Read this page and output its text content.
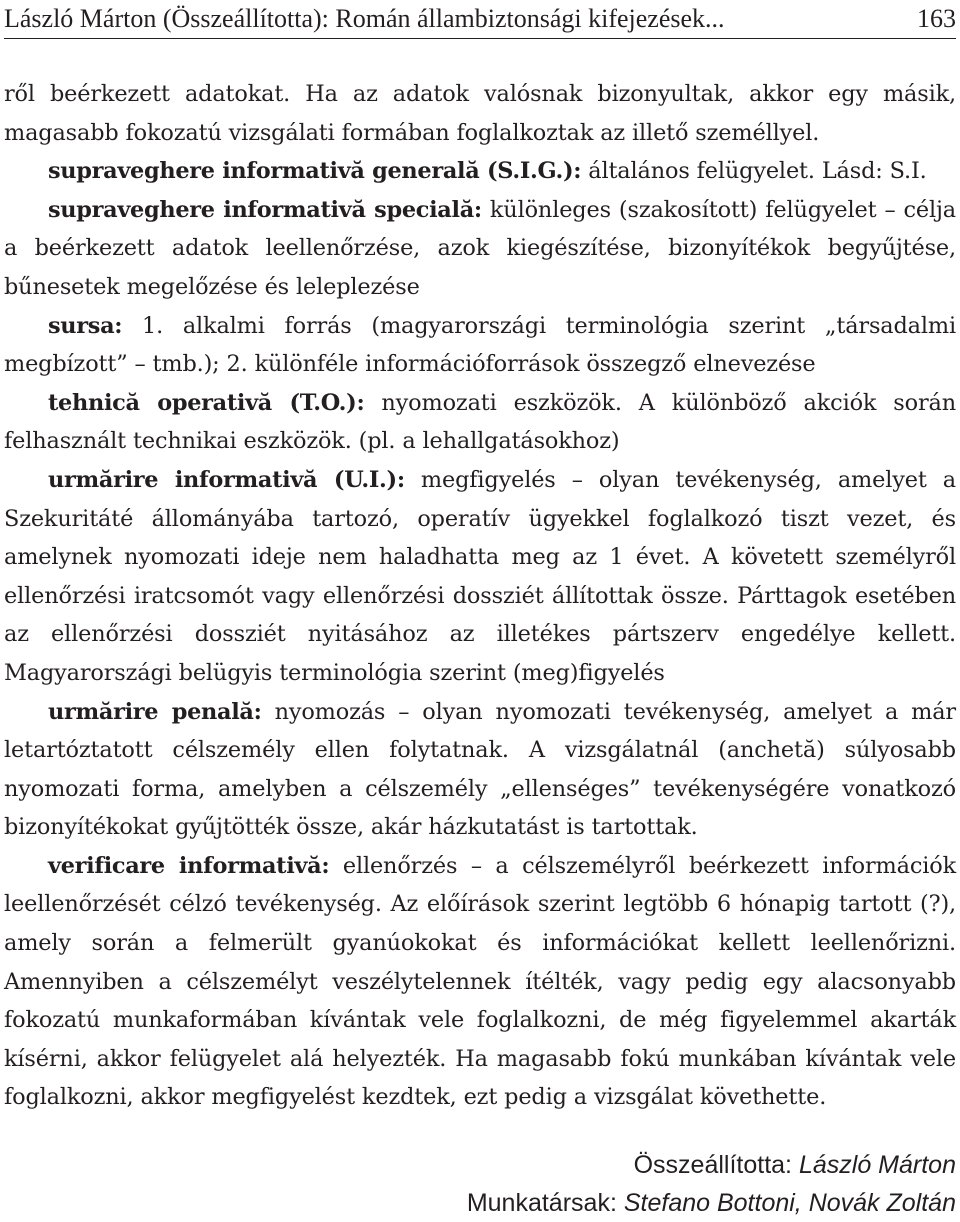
László Márton (Összeállította): Román állambiztonsági kifejezések...	163

ről beérkezett adatokat. Ha az adatok valósnak bizonyultak, akkor egy másik, magasabb fokozatú vizsgálati formában foglalkoztak az illető személlyel.

supraveghere informativă generală (S.I.G.): általános felügyelet. Lásd: S.I.

supraveghere informativă specială: különleges (szakosított) felügyelet – célja a beérkezett adatok leellenőrzése, azok kiegészítése, bizonyítékok begyűjtése, bűnesetek megelőzése és leleplezése

sursa: 1. alkalmi forrás (magyarországi terminológia szerint „társadalmi megbízott” – tmb.); 2. különféle információforrások összegző elnevezése

tehnică operativă (T.O.): nyomozati eszközök. A különböző akciók során felhasznált technikai eszközök. (pl. a lehallgatásokhoz)

urmărire informativă (U.I.): megfigyelés – olyan tevékenység, amelyet a Szekuritáté állományába tartozó, operatív ügyekkel foglalkozó tiszt vezet, és amelynek nyomozati ideje nem haladhatta meg az 1 évet. A követett személyről ellenőrzési iratcsomót vagy ellenőrzési dossziét állítottak össze. Párttagok esetében az ellenőrzési dossziét nyitásához az illetékes pártszerv engedélye kellett. Magyarországi belügyis terminológia szerint (meg)figyelés

urmărire penală: nyomozás – olyan nyomozati tevékenység, amelyet a már letartóztatott célszemély ellen folytatnak. A vizsgálatnál (anchetă) súlyosabb nyomozati forma, amelyben a célszemély „ellenséges” tevékenységére vonatkozó bizonyítékokat gyűjtötték össze, akár házkutatást is tartottak.

verificare informativă: ellenőrzés – a célszemélyről beérkezett információk leellenőrzését célzó tevékenység. Az előírások szerint legtöbb 6 hónapig tartott (?), amely során a felmerült gyanúokokat és információkat kellett leellenőrizni. Amennyiben a célszemélyt veszélytelennek ítélték, vagy pedig egy alacsonyabb fokozatú munkaformában kívántak vele foglalkozni, de még figyelemmel akarták kísérni, akkor felügyelet alá helyezték. Ha magasabb fokú munkában kívántak vele foglalkozni, akkor megfigyelést kezdtek, ezt pedig a vizsgálat követhette.

Összeállította: László Márton
Munkatársak: Stefano Bottoni, Novák Zoltán
